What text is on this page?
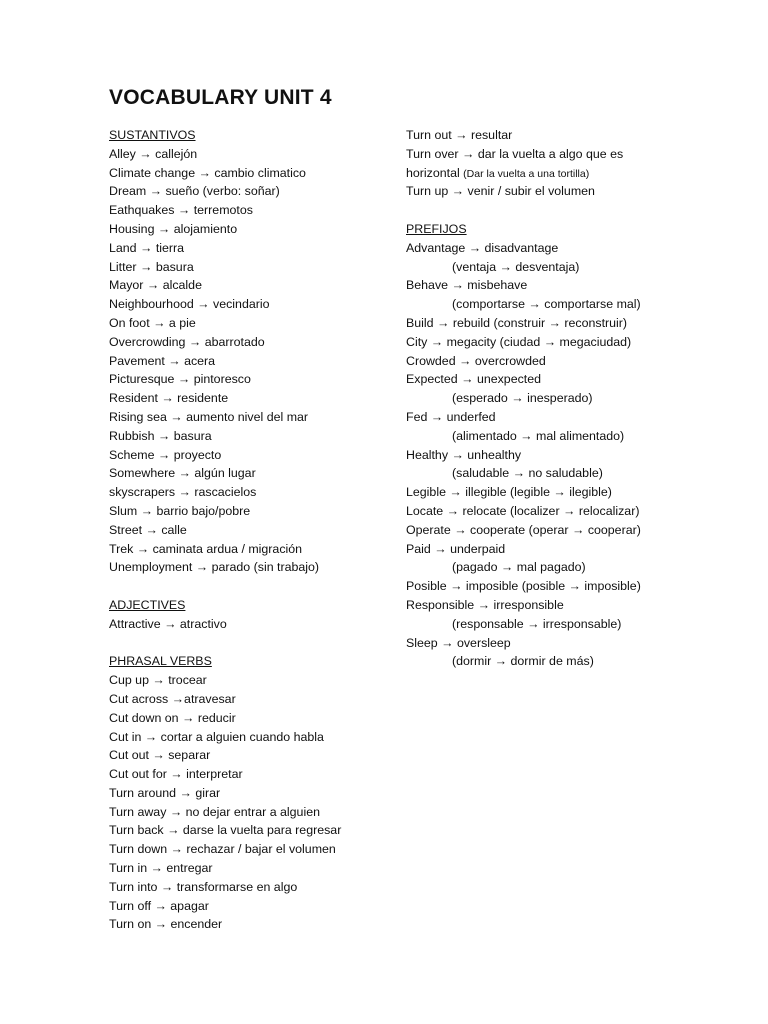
VOCABULARY UNIT 4
SUSTANTIVOS
Alley → callejón
Climate change → cambio climatico
Dream → sueño (verbo: soñar)
Eathquakes → terremotos
Housing → alojamiento
Land → tierra
Litter → basura
Mayor → alcalde
Neighbourhood → vecindario
On foot → a pie
Overcrowding → abarrotado
Pavement → acera
Picturesque → pintoresco
Resident → residente
Rising sea → aumento nivel del mar
Rubbish → basura
Scheme → proyecto
Somewhere → algún lugar
skyscrapers → rascacielos
Slum → barrio bajo/pobre
Street → calle
Trek → caminata ardua / migración
Unemployment → parado (sin trabajo)
ADJECTIVES
Attractive → atractivo
PHRASAL VERBS
Cup up → trocear
Cut across →atravesar
Cut down on → reducir
Cut in → cortar a alguien cuando habla
Cut out → separar
Cut out for → interpretar
Turn around → girar
Turn away → no dejar entrar a alguien
Turn back → darse la vuelta para regresar
Turn down → rechazar / bajar el volumen
Turn in → entregar
Turn into → transformarse en algo
Turn off → apagar
Turn on → encender
Turn out → resultar
Turn over → dar la vuelta a algo que es
horizontal (Dar la vuelta a una tortilla)
Turn up → venir / subir el volumen
PREFIJOS
Advantage → disadvantage
(ventaja → desventaja)
Behave → misbehave
(comportarse → comportarse mal)
Build → rebuild (construir → reconstruir)
City → megacity (ciudad → megaciudad)
Crowded → overcrowded
Expected → unexpected
(esperado → inesperado)
Fed → underfed
(alimentado → mal alimentado)
Healthy → unhealthy
(saludable → no saludable)
Legible → illegible (legible → ilegible)
Locate → relocate (localizer → relocalizar)
Operate → cooperate (operar → cooperar)
Paid → underpaid
(pagado → mal pagado)
Posible → imposible (posible → imposible)
Responsible → irresponsible
(responsable → irresponsable)
Sleep → oversleep
(dormir → dormir de más)
